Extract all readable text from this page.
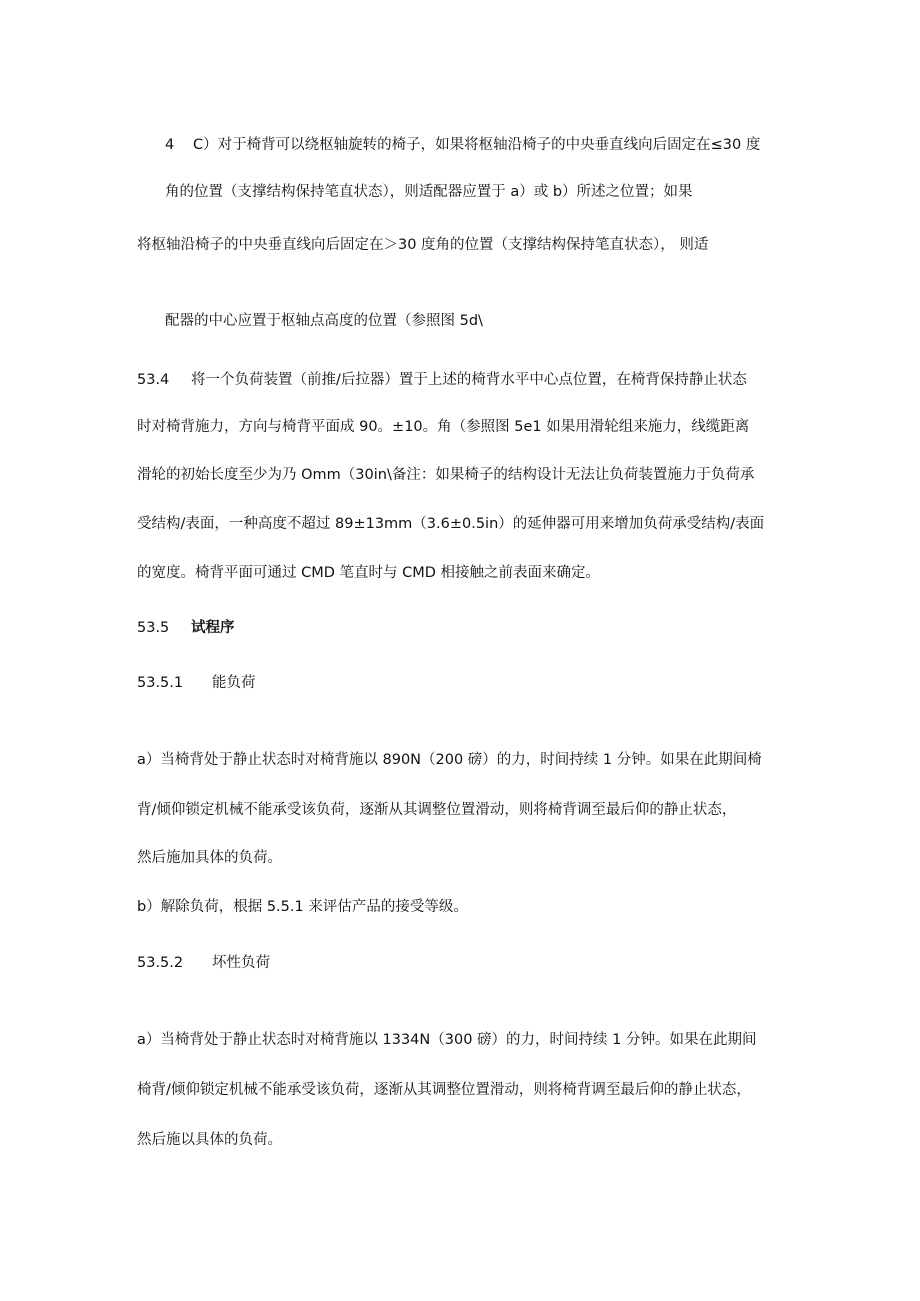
4 C）对于椅背可以绕枢轴旋转的椅子，如果将枢轴沿椅子的中央垂直线向后固定在≤30 度
角的位置（支撑结构保持笔直状态），则适配器应置于 a）或 b）所述之位置；如果
将枢轴沿椅子的中央垂直线向后固定在＞30 度角的位置（支撑结构保持笔直状态）， 则适
配器的中心应置于枢轴点高度的位置（参照图 5d\
53.4 将一个负荷装置（前推/后拉器）置于上述的椅背水平中心点位置，在椅背保持静止状态
时对椅背施力，方向与椅背平面成 90。±10。角（参照图 5e1 如果用滑轮组来施力，线缆距离
滑轮的初始长度至少为乃 Omm（30in\备注：如果椅子的结构设计无法让负荷装置施力于负荷承
受结构/表面，一种高度不超过 89±13mm（3.6±0.5in）的延伸器可用来增加负荷承受结构/表面
的宽度。椅背平面可通过 CMD 笔直时与 CMD 相接触之前表面来确定。
53.5 试程序
53.5.1 能负荷
a）当椅背处于静止状态时对椅背施以 890N（200 磅）的力，时间持续 1 分钟。如果在此期间椅
背/倾仰锁定机械不能承受该负荷，逐渐从其调整位置滑动，则将椅背调至最后仰的静止状态，
然后施加具体的负荷。
b）解除负荷，根据 5.5.1 来评估产品的接受等级。
53.5.2 坏性负荷
a）当椅背处于静止状态时对椅背施以 1334N（300 磅）的力，时间持续 1 分钟。如果在此期间
椅背/倾仰锁定机械不能承受该负荷，逐渐从其调整位置滑动，则将椅背调至最后仰的静止状态，
然后施以具体的负荷。
